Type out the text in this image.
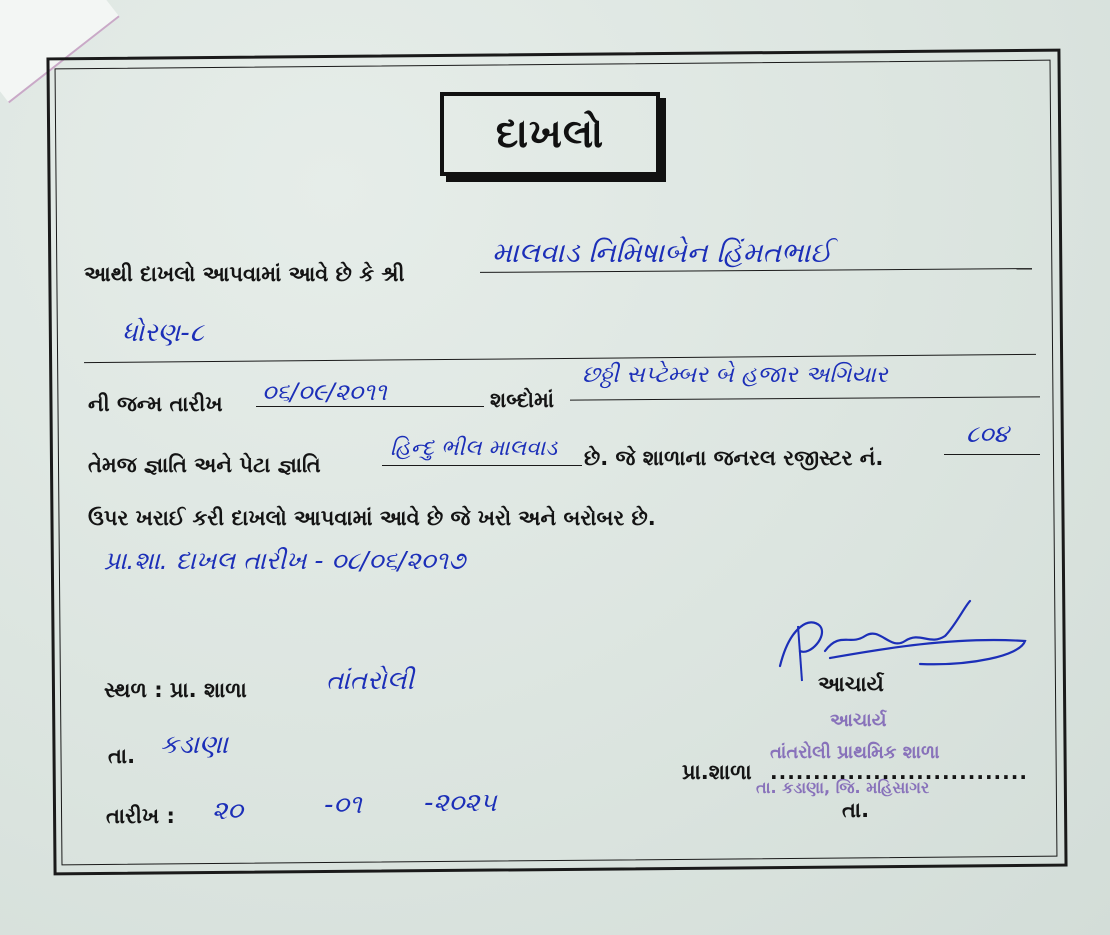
દાખલો
આથી દાખલો આપવામાં આવે છે કે શ્રી
માલવાડ નિમિષાબેન હિંમતભાઈ
ધોરણ-૮
ની જન્મ તારીખ ૦૬/૦૯/૨૦૧૧	શબ્દોમાં
છઠ્ઠી સપ્ટેમ્બર બે હજાર અગિયાર
તેમજ જ્ઞાતિ અને પેટા જ્ઞાતિ
હિન્દુ ભીલ માલવાડ છે. જે શાળાના જનરલ રજીસ્ટર નં.
૮૦૪
ઉપર ખરાઈ કરી દાખલો આપવામાં આવે છે જે ખરો અને બરોબર છે.
પ્રા.શા. દાખલ તારીખ - ૦૮/૦૬/૨૦૧૭
આચાર્ય
આચાર્ય
તાંતરોલી પ્રાથમિક શાળા
તા. કડાણા, જિ. મહિસાગર
સ્થળ : પ્રા. શાળા	તાંતરોલી
તા. કડાણા
તારીખ : ૨૦	-૦૧ -૨૦૨૫
પ્રા.શાળા ..............................
તા.
